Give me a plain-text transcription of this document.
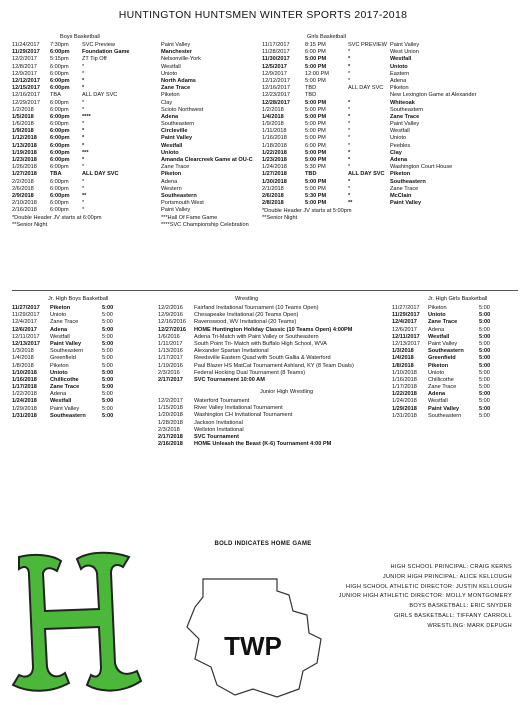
HUNTINGTON HUNTSMEN WINTER SPORTS 2017-2018
Boys Basketball
11/24/2017	7:30pm	SVC Preview	Paint Valley
11/29/2017	6:00pm	Foundation Game	Manchester
12/2/2017	5:15pm	ZT Tip Off	Nelsonville-York
12/8/2017	6:00pm	*	Westfall
12/9/2017	6:00pm	*	Unioto
12/12/2017	6:00pm	*	North Adams
12/15/2017	6:00pm	*	Zane Trace
12/16/2017	TBA	ALL DAY SVC	Piketon
12/29/2017	6:00pm	*	Clay
1/2/2018	6:00pm	*	Scioto Northwest
1/5/2018	6:00pm	****	Adena
1/6/2018	6:00pm	*	Southeastern
1/9/2018	6:00pm	*	Circleville
1/12/2018	6:00pm	*	Paint Valley
1/13/2018	6:00pm	*	Westfall
1/19/2018	6:00pm	***	Unioto
1/23/2018	6:00pm	*	Amanda Clearcreek Game at OU-C
1/26/2018	6:00pm	*	Zane Trace
1/27/2018	TBA	ALL DAY SVC	Piketon
2/2/2018	6:00pm	*	Adena
2/6/2018	6:00pm	*	Western
2/9/2018	6:00pm	**	Southeastern
2/10/2018	6:00pm	*	Portsmouth West
2/16/2018	6:00pm	*	Paint Valley
*Double Header JV starts at 6:00pm
**Senior Night
***Hall Of Fame Game
****SVC Championship Celebration
Girls Basketball
11/17/2017	8:15 PM	SVC PREVIEW Paint Valley
11/28/2017	6:00 PM	*	West Union
11/30/2017	5:00 PM	*	Westfall
12/5/2017	5:00 PM	*	Unioto
12/9/2017	12:00 PM	*	Eastern
12/12/2017	5:00 PM	*	Adena
12/16/2017	TBD	ALL DAY SVC	Piketon
12/23/2017	TBD	New Lexington Game at Alexander
12/28/2017	5:00 PM	*	Whiteoak
1/2/2018	5:00 PM	*	Southeastern
1/4/2018	5:00 PM	*	Zane Trace
1/9/2018	5:00 PM	*	Paint Valley
1/11/2018	5:00 PM	*	Westfall
1/16/2018	5:00 PM	*	Unioto
1/18/2018	6:00 PM	*	Peebles
1/22/2018	5:00 PM	*	Clay
1/23/2018	5:00 PM	*	Adena
1/24/2018	5:30 PM	*	Washington Court House
1/27/2018	TBD	ALL DAY SVC Piketon
1/30/2018	5:00 PM	*	Southeastern
2/1/2018	5:00 PM	*	Zane Trace
2/6/2018	5:30 PM	*	McClain
2/8/2018	5:00 PM	**	Paint Valley
*Double Header JV starts at 5:00pm
**Senior Night
Jr. High Boys Basketball
11/27/2017	Piketon	5:00
11/29/2017	Unioto	5:00
12/4/2017	Zane Trace	5:00
12/6/2017	Adena	5:00
12/11/2017	Westfall	5:00
12/13/2017	Paint Valley	5:00
1/3/2018	Southeastern	5:00
1/4/2018	Greenfield	5:00
1/8/2018	Piketon	5:00
1/10/2018	Unioto	5:00
1/16/2018	Chillicothe	5:00
1/17/2018	Zane Trace	5:00
1/22/2018	Adena	5:00
1/24/2018	Westfall	5:00
1/29/2018	Paint Valley	5:00
1/31/2018	Southeastern	5:00
Wrestling
12/2/2016	Fairfand Invitational Tournament (10 Teams Open)
12/9/2016	Chesapeake Invitational (20 Teams Open)
12/16/2016	Ravenswood, WV Invitational (20 Teams)
12/27/2016	HOME Huntington Holiday Classic (10 Teams Open) 4:00PM
1/6/2016	Adena Tri-Match with Paint Valley or Southeastern
1/11/2017	South Point Tri- Match with Buffalo High School, WVA
1/13/2016	Alexander Spartan Invitational
1/17/2017	Reedsville Eastern Quad with South Gallia & Waterford
1/19/2016	Paul Blazer HS MatCat Tournament Ashland, KY (8 Team Duals)
2/3/2016	Federal Hocking Dual Tournament (8 Teams)
2/17/2017	SVC Tournament 10:00 AM
Junior High Wrestling
12/2/2017	Waterford Tournament
1/15/2018	River Valley Invitational Tournament
1/20/2018	Washington CH Invitational Tournament
1/28/2018	Jackson Invitational
2/3/2018	Wellston Invitational
2/17/2018	SVC Tournament
2/16/2018	HOME Unleash the Beast (K-6) Tournament 4:00 PM
Jr. High Girls Basketball
11/27/2017	Piketon	5:00
11/29/2017	Unioto	5:00
12/4/2017	Zane Trace	5:00
12/6/2017	Adena	5:00
12/11/2017	Westfall	5:00
12/13/2017	Paint Valley	5:00
1/3/2018	Southeastern	5:00
1/4/2018	Greenfield	5:00
1/8/2018	Piketon	5:00
1/10/2018	Unioto	5:00
1/16/2018	Chillicothe	5:00
1/17/2018	Zane Trace	5:00
1/22/2018	Adena	5:00
1/24/2018	Westfall	5:00
1/29/2018	Paint Valley	5:00
1/31/2018	Southeastern	5:00
BOLD INDICATES HOME GAME
TWP
HIGH SCHOOL PRINCIPAL: CRAIG KERNS
JUNIOR HIGH PRINCIPAL: ALICE KELLOUGH
HIGH SCHOOL ATHLETIC DIRECTOR: JUSTIN KELLOUGH
JUNIOR HIGH ATHLETIC DIRECTOR: MOLLY MONTGOMERY
BOYS BASKETBALL: ERIC SNYDER
GIRLS BASKETBALL: TIFFANY CARROLL
WRESTLING: MARK DEPUGH
